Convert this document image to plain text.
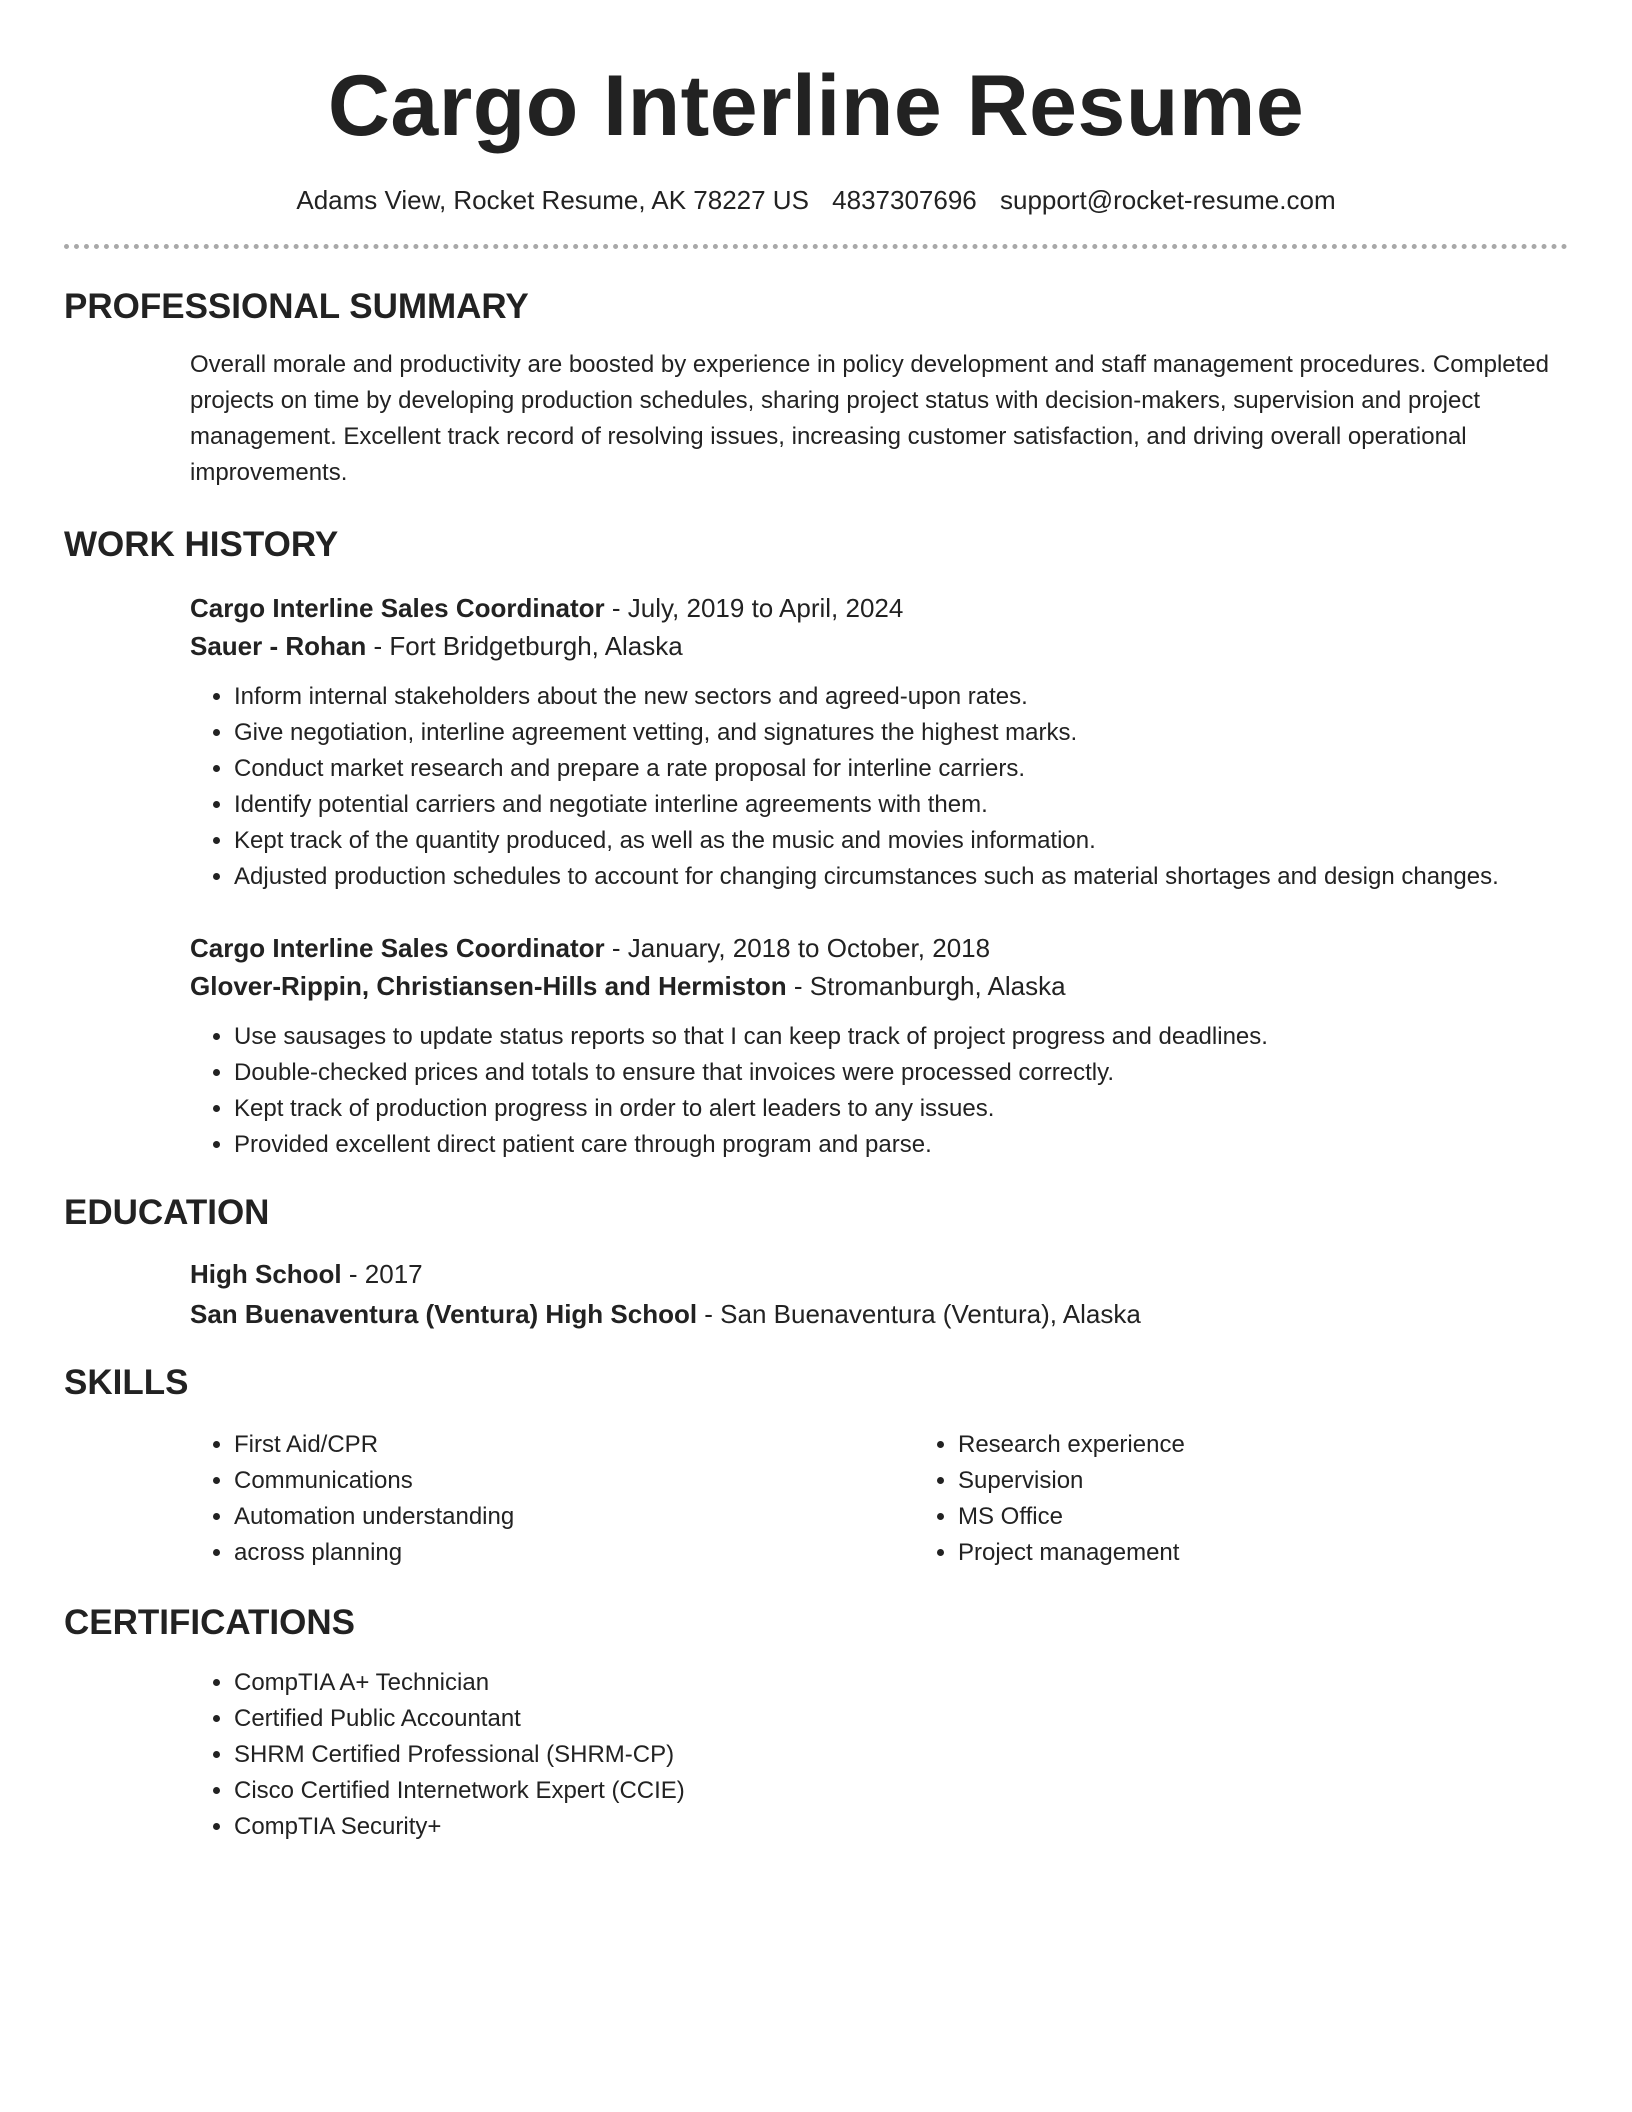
Cargo Interline Resume
Adams View, Rocket Resume, AK 78227 US 4837307696 support@rocket-resume.com
PROFESSIONAL SUMMARY
Overall morale and productivity are boosted by experience in policy development and staff management procedures. Completed projects on time by developing production schedules, sharing project status with decision-makers, supervision and project management. Excellent track record of resolving issues, increasing customer satisfaction, and driving overall operational improvements.
WORK HISTORY
Cargo Interline Sales Coordinator - July, 2019 to April, 2024
Sauer - Rohan - Fort Bridgetburgh, Alaska
• Inform internal stakeholders about the new sectors and agreed-upon rates.
• Give negotiation, interline agreement vetting, and signatures the highest marks.
• Conduct market research and prepare a rate proposal for interline carriers.
• Identify potential carriers and negotiate interline agreements with them.
• Kept track of the quantity produced, as well as the music and movies information.
• Adjusted production schedules to account for changing circumstances such as material shortages and design changes.
Cargo Interline Sales Coordinator - January, 2018 to October, 2018
Glover-Rippin, Christiansen-Hills and Hermiston - Stromanburgh, Alaska
• Use sausages to update status reports so that I can keep track of project progress and deadlines.
• Double-checked prices and totals to ensure that invoices were processed correctly.
• Kept track of production progress in order to alert leaders to any issues.
• Provided excellent direct patient care through program and parse.
EDUCATION
High School - 2017
San Buenaventura (Ventura) High School - San Buenaventura (Ventura), Alaska
SKILLS
• First Aid/CPR
• Communications
• Automation understanding
• across planning
• Research experience
• Supervision
• MS Office
• Project management
CERTIFICATIONS
• CompTIA A+ Technician
• Certified Public Accountant
• SHRM Certified Professional (SHRM-CP)
• Cisco Certified Internetwork Expert (CCIE)
• CompTIA Security+
